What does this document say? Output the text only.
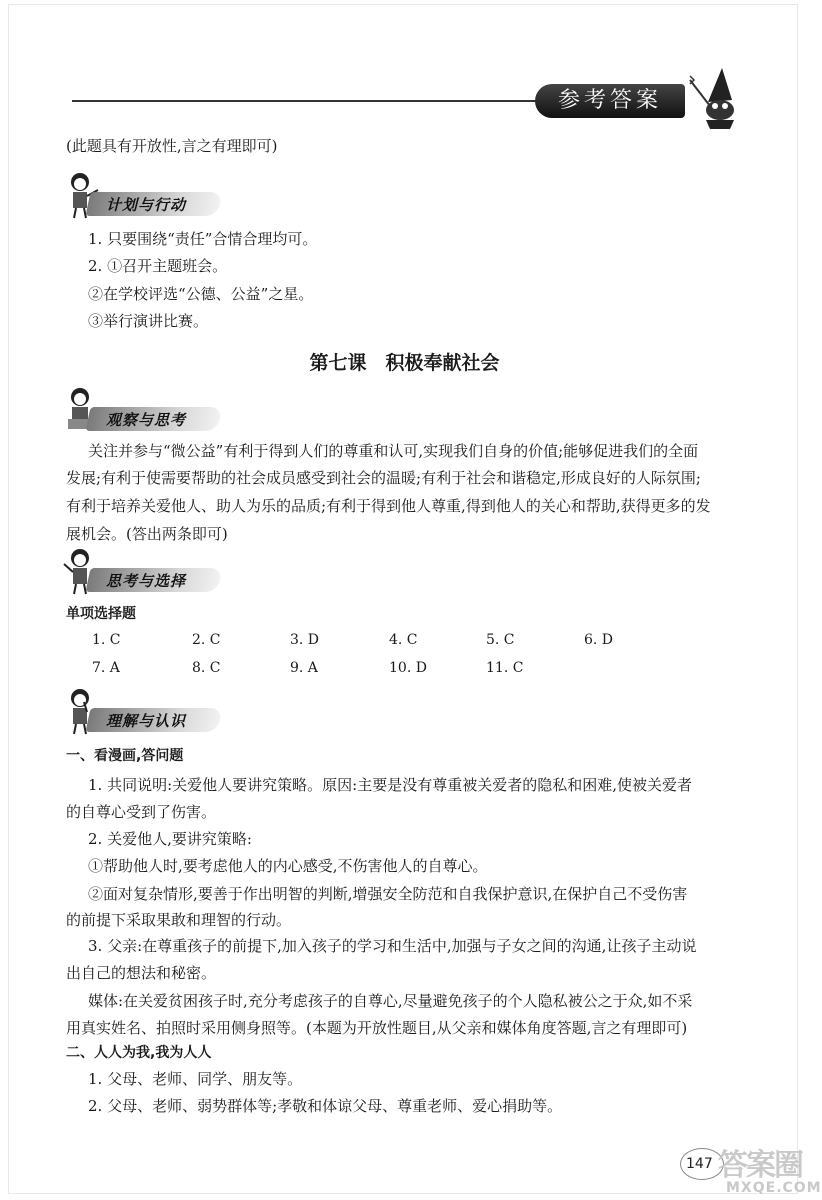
参考答案
(此题具有开放性,言之有理即可)
计划与行动
1. 只要围绕“责任”合情合理均可。
2. ①召开主题班会。
②在学校评选“公德、公益”之星。
③举行演讲比赛。
第七课　积极奉献社会
观察与思考
关注并参与“微公益”有利于得到人们的尊重和认可,实现我们自身的价值;能够促进我们的全面
发展;有利于使需要帮助的社会成员感受到社会的温暖;有利于社会和谐稳定,形成良好的人际氛围;
有利于培养关爱他人、助人为乐的品质;有利于得到他人尊重,得到他人的关心和帮助,获得更多的发
展机会。(答出两条即可)
思考与选择
单项选择题
1. C	2. C	3. D	4. C	5. C	6. D
7. A	8. C	9. A	10. D	11. C
理解与认识
一、看漫画,答问题
1. 共同说明:关爱他人要讲究策略。原因:主要是没有尊重被关爱者的隐私和困难,使被关爱者
的自尊心受到了伤害。
2. 关爱他人,要讲究策略:
①帮助他人时,要考虑他人的内心感受,不伤害他人的自尊心。
②面对复杂情形,要善于作出明智的判断,增强安全防范和自我保护意识,在保护自己不受伤害
的前提下采取果敢和理智的行动。
3. 父亲:在尊重孩子的前提下,加入孩子的学习和生活中,加强与子女之间的沟通,让孩子主动说
出自己的想法和秘密。
媒体:在关爱贫困孩子时,充分考虑孩子的自尊心,尽量避免孩子的个人隐私被公之于众,如不采
用真实姓名、拍照时采用侧身照等。(本题为开放性题目,从父亲和媒体角度答题,言之有理即可)
二、人人为我,我为人人
1. 父母、老师、同学、朋友等。
2. 父母、老师、弱势群体等;孝敬和体谅父母、尊重老师、爱心捐助等。
147 答案圈
MXQE.COM
